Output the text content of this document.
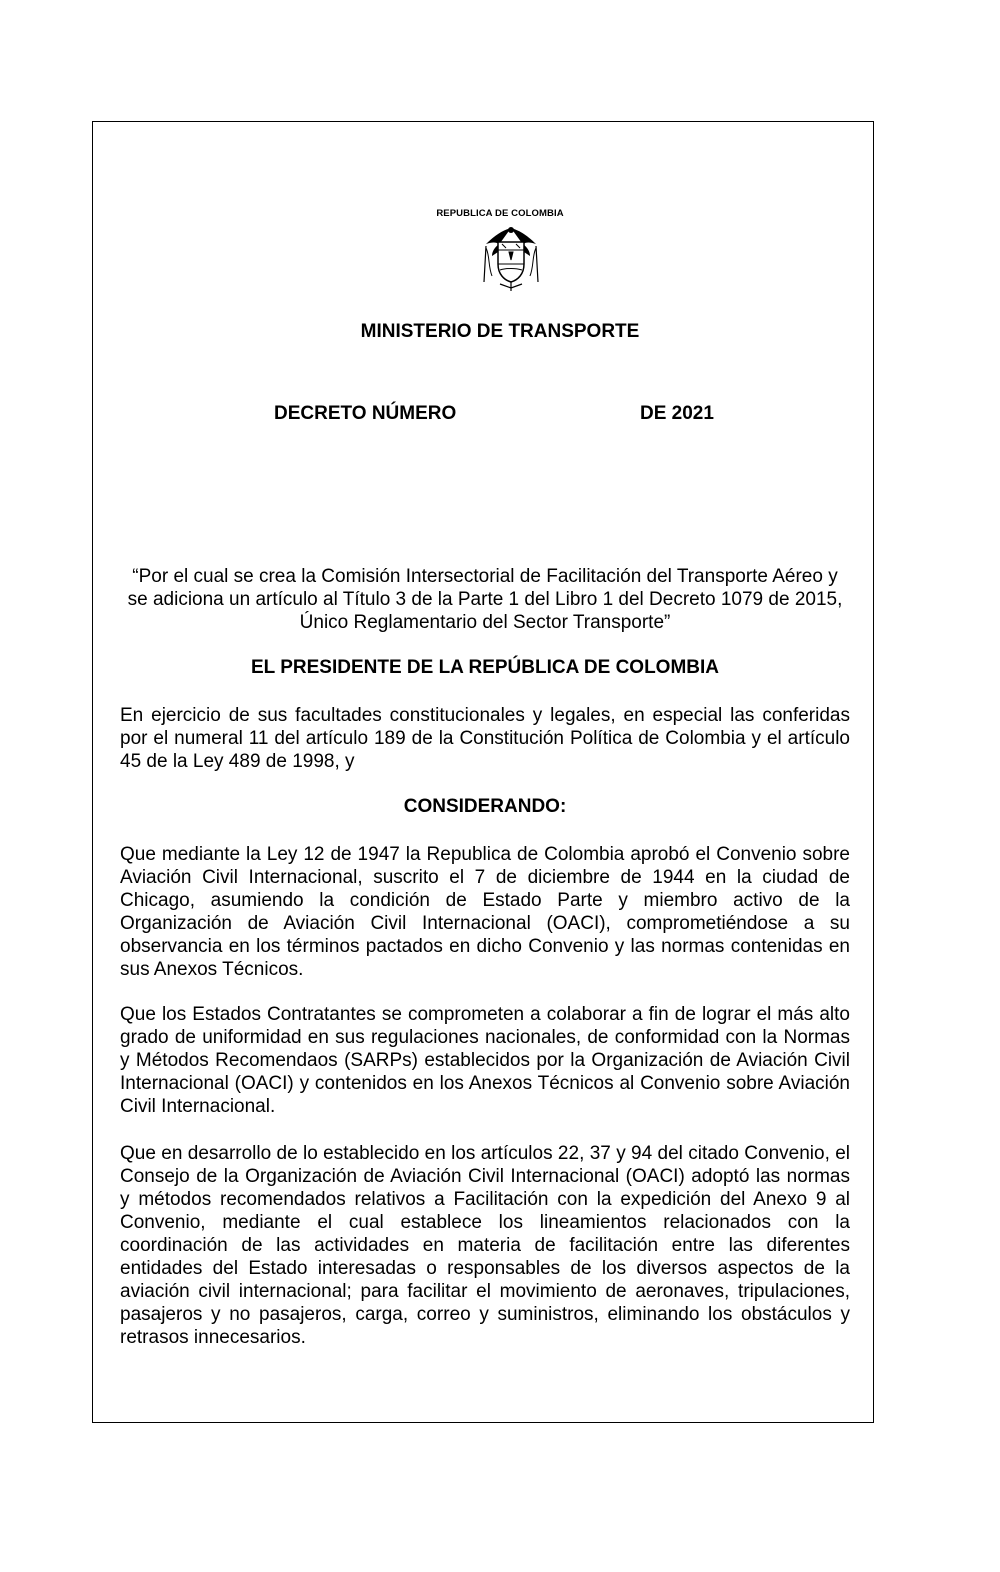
REPUBLICA DE COLOMBIA
MINISTERIO DE TRANSPORTE
DECRETO NÚMERO	DE 2021
“Por el cual se crea la Comisión Intersectorial de Facilitación del Transporte Aéreo y se adiciona un artículo al Título 3 de la Parte 1 del Libro 1 del Decreto 1079 de 2015, Único Reglamentario del Sector Transporte”
EL PRESIDENTE DE LA REPÚBLICA DE COLOMBIA

En ejercicio de sus facultades constitucionales y legales, en especial las conferidas por el numeral 11 del artículo 189 de la Constitución Política de Colombia y el artículo 45 de la Ley 489 de 1998, y

CONSIDERANDO:

Que mediante la Ley 12 de 1947 la Republica de Colombia aprobó el Convenio sobre Aviación Civil Internacional, suscrito el 7 de diciembre de 1944 en la ciudad de Chicago, asumiendo la condición de Estado Parte y miembro activo de la Organización de Aviación Civil Internacional (OACI), comprometiéndose a su observancia en los términos pactados en dicho Convenio y las normas contenidas en sus Anexos Técnicos.

Que los Estados Contratantes se comprometen a colaborar a fin de lograr el más alto grado de uniformidad en sus regulaciones nacionales, de conformidad con la Normas y Métodos Recomendaos (SARPs) establecidos por la Organización de Aviación Civil Internacional (OACI) y contenidos en los Anexos Técnicos al Convenio sobre Aviación Civil Internacional.

Que en desarrollo de lo establecido en los artículos 22, 37 y 94 del citado Convenio, el Consejo de la Organización de Aviación Civil Internacional (OACI) adoptó las normas y métodos recomendados relativos a Facilitación con la expedición del Anexo 9 al Convenio, mediante el cual establece los lineamientos relacionados con la coordinación de las actividades en materia de facilitación entre las diferentes entidades del Estado interesadas o responsables de los diversos aspectos de la aviación civil internacional; para facilitar el movimiento de aeronaves, tripulaciones, pasajeros y no pasajeros, carga, correo y suministros, eliminando los obstáculos y retrasos innecesarios.
